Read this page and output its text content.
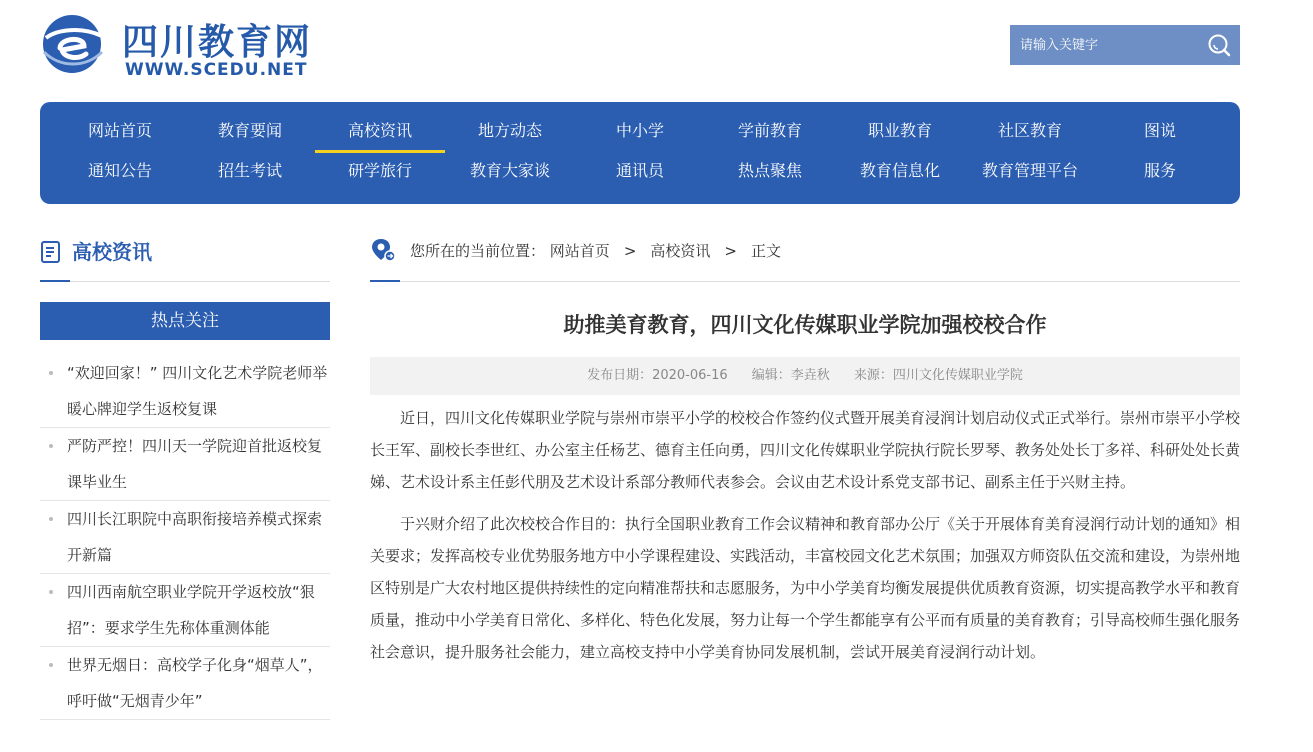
四川教育网
WWW.SCEDU.NET
请输入关键字
网站首页	教育要闻	高校资讯	地方动态	中小学	学前教育	职业教育	社区教育	图说
通知公告	招生考试	研学旅行	教育大家谈	通讯员	热点聚焦	教育信息化	教育管理平台	服务
高校资讯
热点关注
“欢迎回家！” 四川文化艺术学院老师举暖心牌迎学生返校复课
严防严控！四川天一学院迎首批返校复课毕业生
四川长江职院中高职衔接培养模式探索开新篇
四川西南航空职业学院开学返校放“狠招”：要求学生先称体重测体能
世界无烟日：高校学子化身“烟草人”，呼吁做“无烟青少年”
您所在的当前位置： 网站首页 > 高校资讯 > 正文
助推美育教育，四川文化传媒职业学院加强校校合作
发布日期：2020-06-16 编辑：李垚秋 来源：四川文化传媒职业学院

近日，四川文化传媒职业学院与崇州市崇平小学的校校合作签约仪式暨开展美育浸润计划启动仪式正式举行。崇州市崇平小学校长王军、副校长李世红、办公室主任杨艺、德育主任向勇，四川文化传媒职业学院执行院长罗琴、教务处处长丁多祥、科研处处长黄娣、艺术设计系主任彭代朋及艺术设计系部分教师代表参会。会议由艺术设计系党支部书记、副系主任于兴财主持。

于兴财介绍了此次校校合作目的：执行全国职业教育工作会议精神和教育部办公厅《关于开展体育美育浸润行动计划的通知》相关要求；发挥高校专业优势服务地方中小学课程建设、实践活动，丰富校园文化艺术氛围；加强双方师资队伍交流和建设，为崇州地区特别是广大农村地区提供持续性的定向精准帮扶和志愿服务，为中小学美育均衡发展提供优质教育资源，切实提高教学水平和教育质量，推动中小学美育日常化、多样化、特色化发展，努力让每一个学生都能享有公平而有质量的美育教育；引导高校师生强化服务社会意识，提升服务社会能力，建立高校支持中小学美育协同发展机制，尝试开展美育浸润行动计划。
